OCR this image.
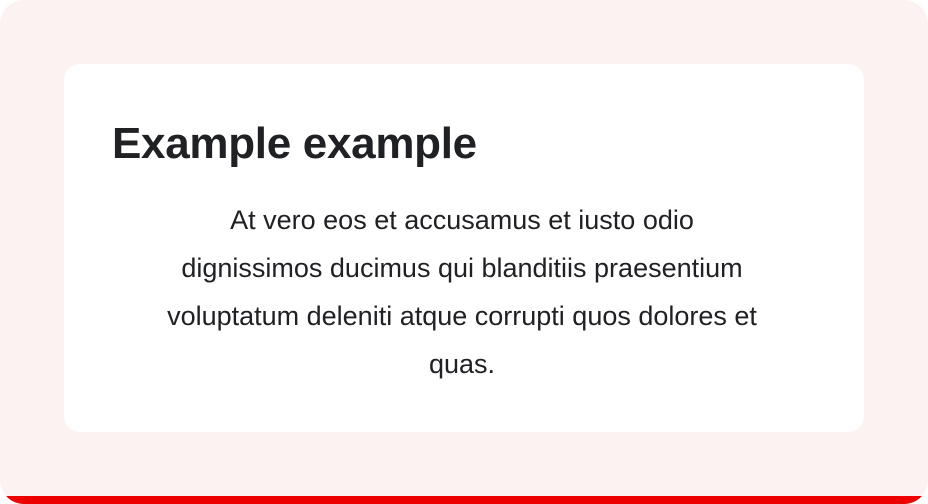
Example example

At vero eos et accusamus et iusto odio dignissimos ducimus qui blanditiis praesentium voluptatum deleniti atque corrupti quos dolores et quas.
